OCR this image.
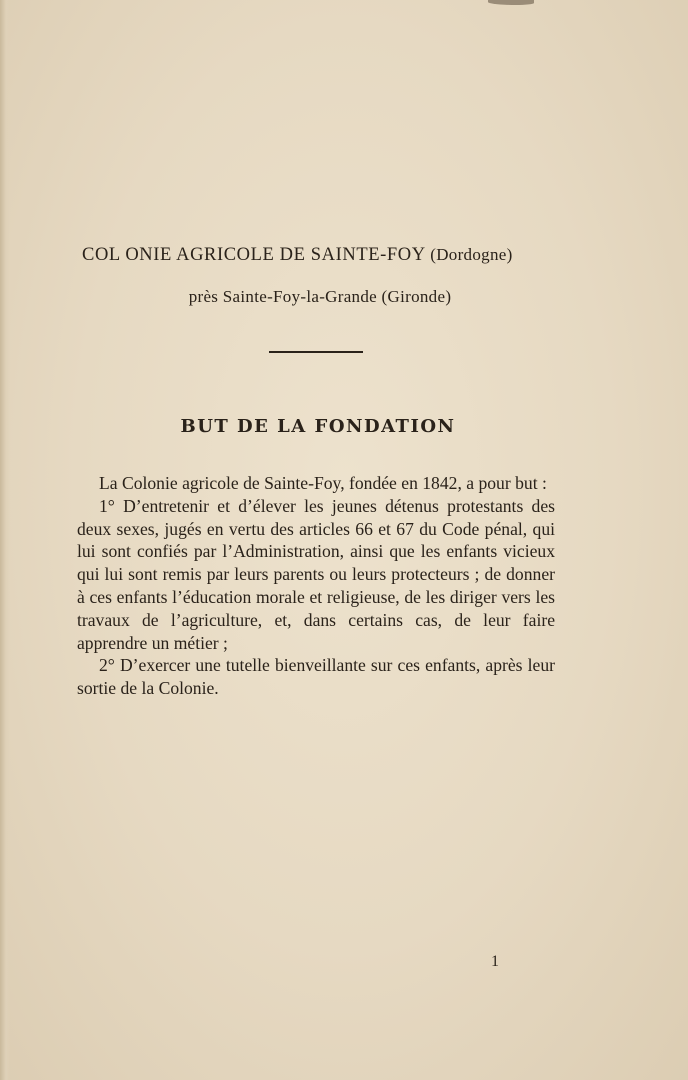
COL ONIE AGRICOLE DE SAINTE-FOY (Dordogne)
près Sainte-Foy-la-Grande (Gironde)
BUT DE LA FONDATION

La Colonie agricole de Sainte-Foy, fondée en 1842, a pour but :

1° D’entretenir et d’élever les jeunes détenus protestants des deux sexes, jugés en vertu des articles 66 et 67 du Code pénal, qui lui sont confiés par l’Administration, ainsi que les enfants vicieux qui lui sont remis par leurs parents ou leurs protecteurs ; de donner à ces enfants l’éducation morale et religieuse, de les diriger vers les travaux de l’agriculture, et, dans certains cas, de leur faire apprendre un métier ;

2° D’exercer une tutelle bienveillante sur ces enfants, après leur sortie de la Colonie.

1
